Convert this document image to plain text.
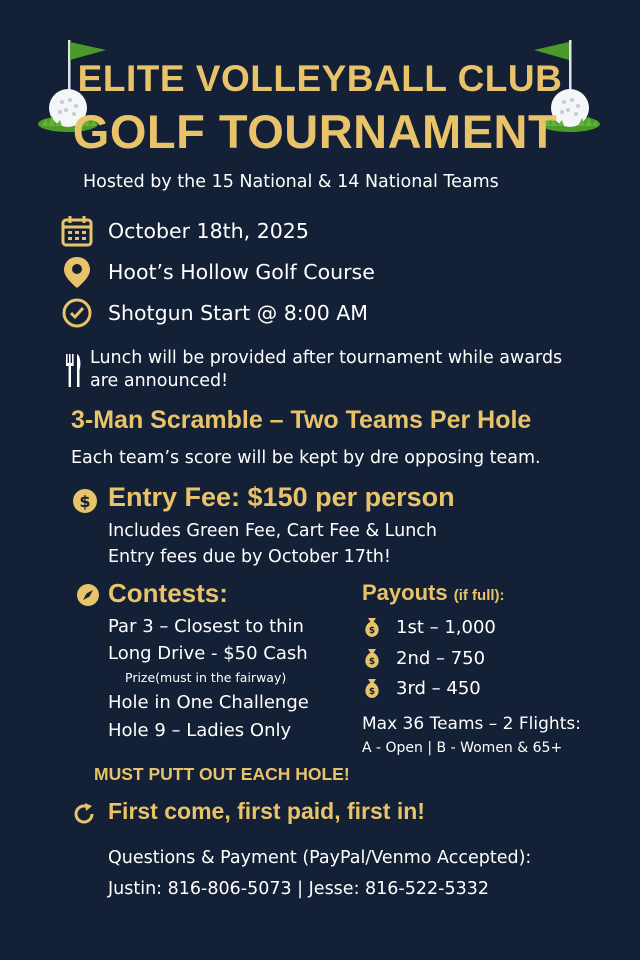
ELITE VOLLEYBALL CLUB
GOLF TOURNAMENT
Hosted by the 15 National & 14 National Teams
October 18th, 2025
Hoot’s Hollow Golf Course
Shotgun Start @ 8:00 AM
Lunch will be provided after tournament while awards
are announced!
3-Man Scramble – Two Teams Per Hole
Each team’s score will be kept by dre opposing team.
$ Entry Fee: $150 per person
Includes Green Fee, Cart Fee & Lunch
Entry fees due by October 17th!
Contests:
Par 3 – Closest to thin
Long Drive - $50 Cash
Prize(must in the fairway)
Hole in One Challenge
Hole 9 – Ladies Only
Payouts (if full):
$ 1st – 1,000
$ 2nd – 750
$ 3rd – 450
Max 36 Teams – 2 Flights:
A - Open | B - Women & 65+
MUST PUTT OUT EACH HOLE!
First come, first paid, first in!
Questions & Payment (PayPal/Venmo Accepted):
Justin: 816-806-5073 | Jesse: 816-522-5332
